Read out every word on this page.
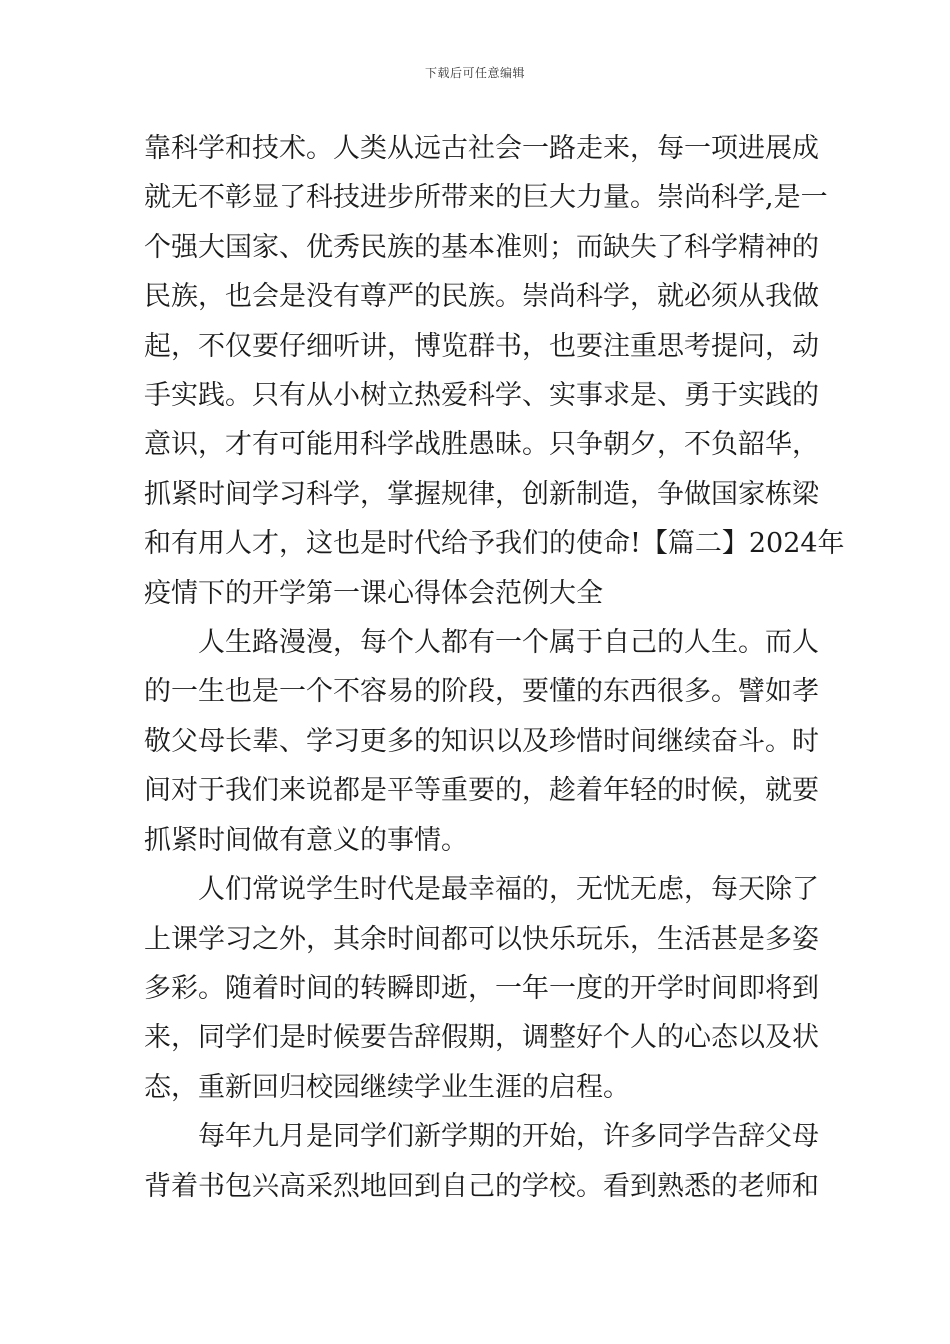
下载后可任意编辑

靠科学和技术。人类从远古社会一路走来，每一项进展成
就无不彰显了科技进步所带来的巨大力量。崇尚科学,是一
个强大国家、优秀民族的基本准则；而缺失了科学精神的
民族，也会是没有尊严的民族。崇尚科学，就必须从我做
起，不仅要仔细听讲，博览群书，也要注重思考提问，动
手实践。只有从小树立热爱科学、实事求是、勇于实践的
意识，才有可能用科学战胜愚昧。只争朝夕，不负韶华，
抓紧时间学习科学，掌握规律，创新制造，争做国家栋梁
和有用人才，这也是时代给予我们的使命!【篇二】2024年
疫情下的开学第一课心得体会范例大全

人生路漫漫，每个人都有一个属于自己的人生。而人
的一生也是一个不容易的阶段，要懂的东西很多。譬如孝
敬父母长辈、学习更多的知识以及珍惜时间继续奋斗。时
间对于我们来说都是平等重要的，趁着年轻的时候，就要
抓紧时间做有意义的事情。

人们常说学生时代是最幸福的，无忧无虑，每天除了
上课学习之外，其余时间都可以快乐玩乐，生活甚是多姿
多彩。随着时间的转瞬即逝，一年一度的开学时间即将到
来，同学们是时候要告辞假期，调整好个人的心态以及状
态，重新回归校园继续学业生涯的启程。

每年九月是同学们新学期的开始，许多同学告辞父母
背着书包兴高采烈地回到自己的学校。看到熟悉的老师和
